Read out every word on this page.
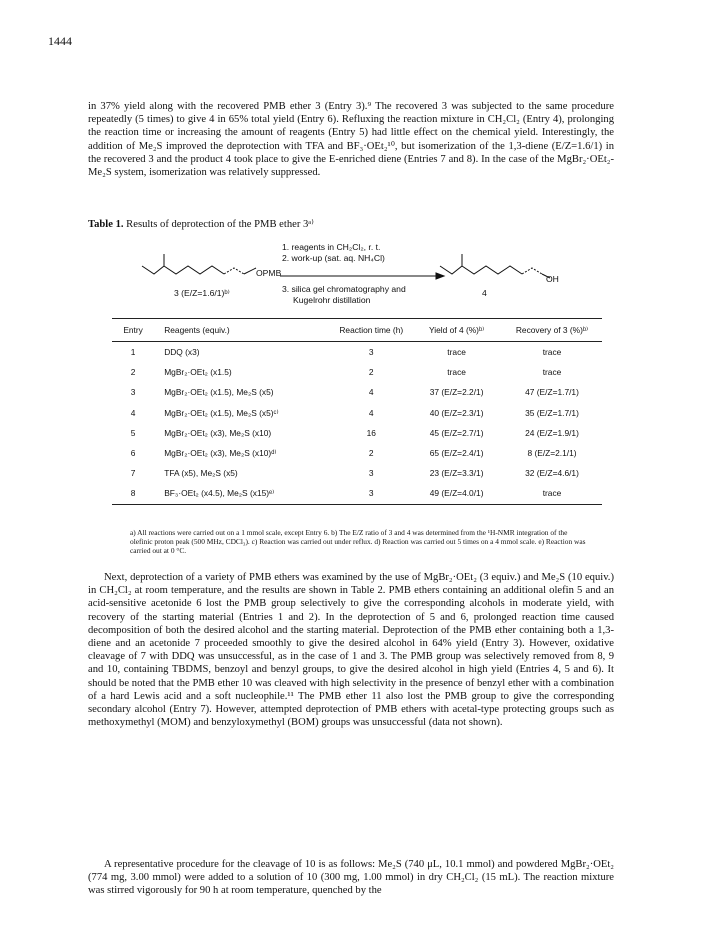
1444

in 37% yield along with the recovered PMB ether 3 (Entry 3).⁹ The recovered 3 was subjected to the same procedure repeatedly (5 times) to give 4 in 65% total yield (Entry 6). Refluxing the reaction mixture in CH₂Cl₂ (Entry 4), prolonging the reaction time or increasing the amount of reagents (Entry 5) had little effect on the chemical yield. Interestingly, the addition of Me₂S improved the deprotection with TFA and BF₃·OEt₂¹⁰, but isomerization of the 1,3-diene (E/Z=1.6/1) in the recovered 3 and the product 4 took place to give the E-enriched diene (Entries 7 and 8). In the case of the MgBr₂·OEt₂-Me₂S system, isomerization was relatively suppressed.

Table 1. Results of deprotection of the PMB ether 3ᵃ⁾
OPMB
3 (E/Z=1.6/1)ᵇ⁾
1. reagents in CH₂Cl₂, r. t.
2. work-up (sat. aq. NH₄Cl)
3. silica gel chromatography and
Kugelrohr distillation
OH
4
Entry	Reagents (equiv.)	Reaction time (h)	Yield of 4 (%)ᵇ⁾	Recovery of 3 (%)ᵇ⁾
1	DDQ (x3)	3	trace	trace
2	MgBr₂·OEt₂ (x1.5)	2	trace	trace
3	MgBr₂·OEt₂ (x1.5), Me₂S (x5)	4	37 (E/Z=2.2/1)	47 (E/Z=1.7/1)
4	MgBr₂·OEt₂ (x1.5), Me₂S (x5)ᶜ⁾	4	40 (E/Z=2.3/1)	35 (E/Z=1.7/1)
5	MgBr₂·OEt₂ (x3), Me₂S (x10)	16	45 (E/Z=2.7/1)	24 (E/Z=1.9/1)
6	MgBr₂·OEt₂ (x3), Me₂S (x10)ᵈ⁾	2	65 (E/Z=2.4/1)	8 (E/Z=2.1/1)
7	TFA (x5), Me₂S (x5)	3	23 (E/Z=3.3/1)	32 (E/Z=4.6/1)
8	BF₃·OEt₂ (x4.5), Me₂S (x15)ᵉ⁾	3	49 (E/Z=4.0/1)	trace

a) All reactions were carried out on a 1 mmol scale, except Entry 6. b) The E/Z ratio of 3 and 4 was determined from the ¹H-NMR integration of the olefinic proton peak (500 MHz, CDCl₃). c) Reaction was carried out under reflux. d) Reaction was carried out 5 times on a 4 mmol scale. e) Reaction was carried out at 0 °C.

Next, deprotection of a variety of PMB ethers was examined by the use of MgBr₂·OEt₂ (3 equiv.) and Me₂S (10 equiv.) in CH₂Cl₂ at room temperature, and the results are shown in Table 2. PMB ethers containing an additional olefin 5 and an acid-sensitive acetonide 6 lost the PMB group selectively to give the corresponding alcohols in moderate yield, with recovery of the starting material (Entries 1 and 2). In the deprotection of 5 and 6, prolonged reaction time caused decomposition of both the desired alcohol and the starting material. Deprotection of the PMB ether containing both a 1,3-diene and an acetonide 7 proceeded smoothly to give the desired alcohol in 64% yield (Entry 3). However, oxidative cleavage of 7 with DDQ was unsuccessful, as in the case of 1 and 3. The PMB group was selectively removed from 8, 9 and 10, containing TBDMS, benzoyl and benzyl groups, to give the desired alcohol in high yield (Entries 4, 5 and 6). It should be noted that the PMB ether 10 was cleaved with high selectivity in the presence of benzyl ether with a combination of a hard Lewis acid and a soft nucleophile.¹¹ The PMB ether 11 also lost the PMB group to give the corresponding secondary alcohol (Entry 7). However, attempted deprotection of PMB ethers with acetal-type protecting groups such as methoxymethyl (MOM) and benzyloxymethyl (BOM) groups was unsuccessful (data not shown).

A representative procedure for the cleavage of 10 is as follows: Me₂S (740 μL, 10.1 mmol) and powdered MgBr₂·OEt₂ (774 mg, 3.00 mmol) were added to a solution of 10 (300 mg, 1.00 mmol) in dry CH₂Cl₂ (15 mL). The reaction mixture was stirred vigorously for 90 h at room temperature, quenched by the
